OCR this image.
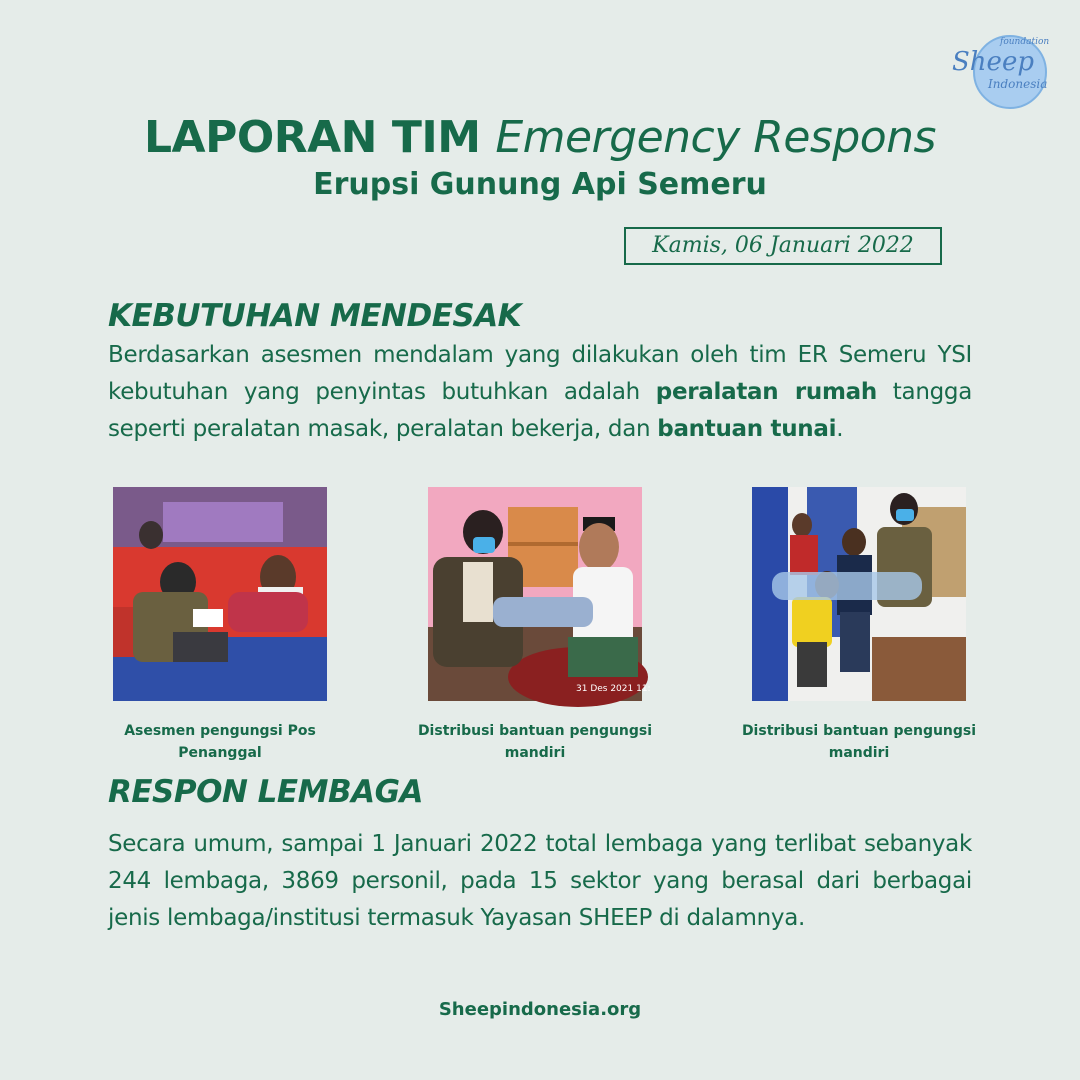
Sheep
Indonesia
foundation
LAPORAN TIM Emergency Respons
Erupsi Gunung Api Semeru
Kamis, 06 Januari 2022
KEBUTUHAN MENDESAK
Berdasarkan asesmen mendalam yang dilakukan oleh tim ER Semeru YSI kebutuhan yang penyintas butuhkan adalah peralatan rumah tangga seperti peralatan masak, peralatan bekerja, dan bantuan tunai.
Asesmen pengungsi Pos Penanggal
31 Des 2021 11:
Distribusi bantuan pengungsi mandiri
Distribusi bantuan pengungsi mandiri
RESPON LEMBAGA
Secara umum, sampai 1 Januari 2022 total lembaga yang terlibat sebanyak 244 lembaga, 3869 personil, pada 15 sektor yang berasal dari berbagai jenis lembaga/institusi termasuk Yayasan SHEEP di dalamnya.
Sheepindonesia.org
